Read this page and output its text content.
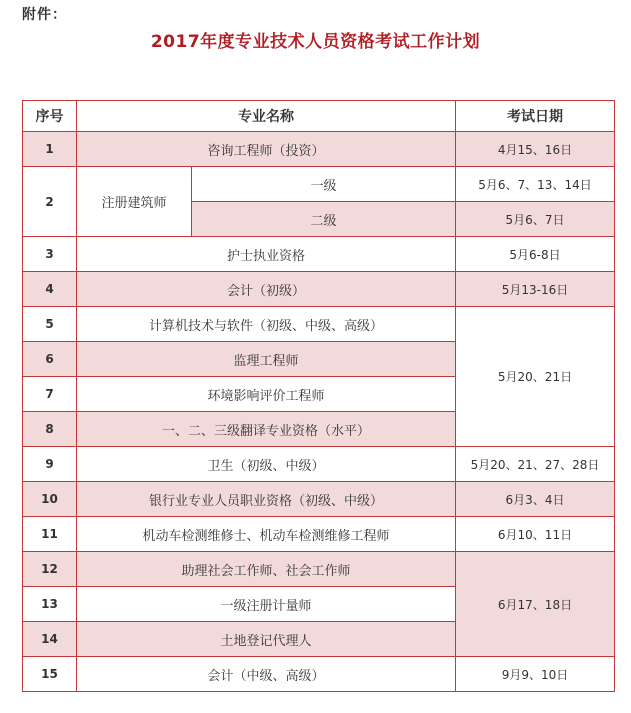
附件：
2017年度专业技术人员资格考试工作计划
序号	专业名称		考试日期
1	咨询工程师（投资）		4月15、16日
2	注册建筑师	一级	5月6、7、13、14日
		二级	5月6、7日
3	护士执业资格		5月6-8日
4	会计（初级）		5月13-16日
5	计算机技术与软件（初级、中级、高级）		5月20、21日
6	监理工程师		
7	环境影响评价工程师		
8	一、二、三级翻译专业资格（水平）		
9	卫生（初级、中级）		5月20、21、27、28日
10	银行业专业人员职业资格（初级、中级）		6月3、4日
11	机动车检测维修士、机动车检测维修工程师		6月10、11日
12	助理社会工作师、社会工作师		6月17、18日
13	一级注册计量师		
14	土地登记代理人		
15	会计（中级、高级）		9月9、10日
